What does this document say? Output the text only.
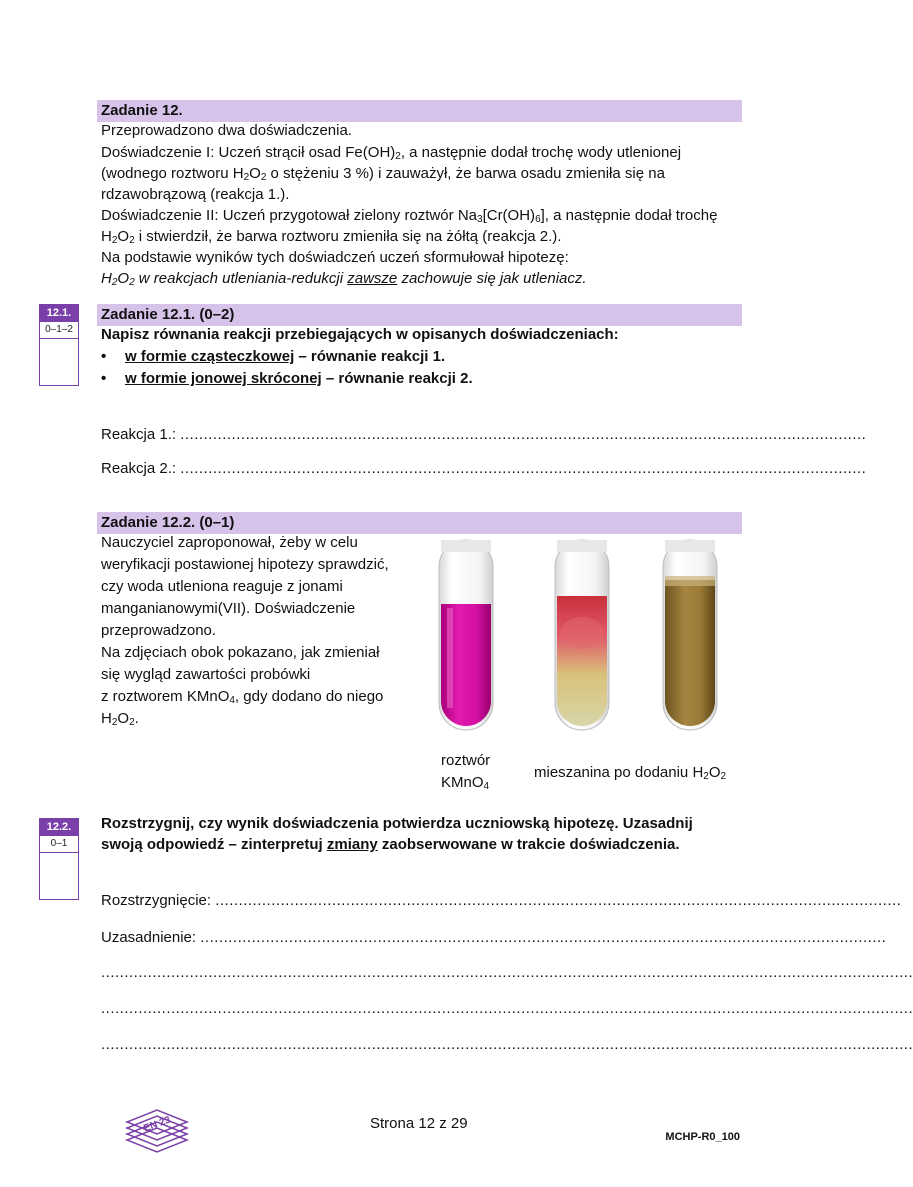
Zadanie 12.
Przeprowadzono dwa doświadczenia.
Doświadczenie I: Uczeń strącił osad $Fe(OH)_2$, a następnie dodał trochę wody utlenionej
(wodnego roztworu $H_2O_2$ o stężeniu 3 %) i zauważył, że barwa osadu zmieniła się na
rdzawobrązową (reakcja 1.).
Doświadczenie II: Uczeń przygotował zielony roztwór $Na_3[Cr(OH)_6]$, a następnie dodał trochę
$H_2O_2$ i stwierdził, że barwa roztworu zmieniła się na żółtą (reakcja 2.).
Na podstawie wyników tych doświadczeń uczeń sformułował hipotezę:
$H_2O_2$ w reakcjach utleniania-redukcji zawsze zachowuje się jak utleniacz.
12.1.
0–1–2
Zadanie 12.1. (0–2)
Napisz równania reakcji przebiegających w opisanych doświadczeniach:
• w formie cząsteczkowej – równanie reakcji 1.
• w formie jonowej skróconej – równanie reakcji 2.
Reakcja 1.: ...................................................................................................................................................
Reakcja 2.: ...................................................................................................................................................
Zadanie 12.2. (0–1)
Nauczyciel zaproponował, żeby w celu
weryfikacji postawionej hipotezy sprawdzić,
czy woda utleniona reaguje z jonami
manganianowymi(VII). Doświadczenie
przeprowadzono.
Na zdjęciach obok pokazano, jak zmieniał
się wygląd zawartości probówki
z roztworem KMnO$_4$, gdy dodano do niego
$H_2O_2$.
roztwór
KMnO$_4$
mieszanina po dodaniu $H_2O_2$
12.2.
0–1
Rozstrzygnij, czy wynik doświadczenia potwierdza uczniowską hipotezę. Uzasadnij
swoją odpowiedź – zinterpretuj zmiany zaobserwowane w trakcie doświadczenia.
Rozstrzygnięcie: ...................................................................................................................................................
Uzasadnienie: ...................................................................................................................................................
..............................................................................................................................................................................
..............................................................................................................................................................................
..............................................................................................................................................................................
EN 23	Strona 12 z 29
MCHP-R0_100
